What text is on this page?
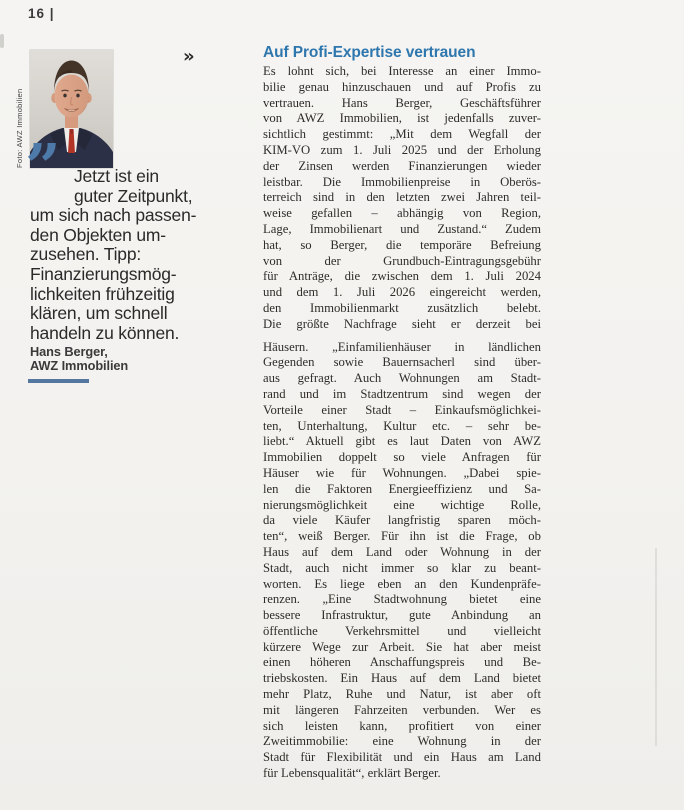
16 |
Foto: AWZ Immobilien
»
” Jetzt ist ein
guter Zeitpunkt,
um sich nach passen-
den Objekten um-
zusehen. Tipp:
Finanzierungsmög-
lichkeiten frühzeitig
klären, um schnell
handeln zu können.
Hans Berger,
AWZ Immobilien
Auf Profi-Expertise vertrauen
Es lohnt sich, bei Interesse an einer Immo-
bilie genau hinzuschauen und auf Profis zu
vertrauen. Hans Berger, Geschäftsführer
von AWZ Immobilien, ist jedenfalls zuver-
sichtlich gestimmt: „Mit dem Wegfall der
KIM-VO zum 1. Juli 2025 und der Erholung
der Zinsen werden Finanzierungen wieder
leistbar. Die Immobilienpreise in Oberös-
terreich sind in den letzten zwei Jahren teil-
weise gefallen – abhängig von Region,
Lage, Immobilienart und Zustand.“ Zudem
hat, so Berger, die temporäre Befreiung
von der Grundbuch-Eintragungsgebühr
für Anträge, die zwischen dem 1. Juli 2024
und dem 1. Juli 2026 eingereicht werden,
den Immobilienmarkt zusätzlich belebt.
Die größte Nachfrage sieht er derzeit bei
Häusern. „Einfamilienhäuser in ländlichen
Gegenden sowie Bauernsacherl sind über-
aus gefragt. Auch Wohnungen am Stadt-
rand und im Stadtzentrum sind wegen der
Vorteile einer Stadt – Einkaufsmöglichkei-
ten, Unterhaltung, Kultur etc. – sehr be-
liebt.“ Aktuell gibt es laut Daten von AWZ
Immobilien doppelt so viele Anfragen für
Häuser wie für Wohnungen. „Dabei spie-
len die Faktoren Energieeffizienz und Sa-
nierungsmöglichkeit eine wichtige Rolle,
da viele Käufer langfristig sparen möch-
ten“, weiß Berger. Für ihn ist die Frage, ob
Haus auf dem Land oder Wohnung in der
Stadt, auch nicht immer so klar zu beant-
worten. Es liege eben an den Kundenpräfe-
renzen. „Eine Stadtwohnung bietet eine
bessere Infrastruktur, gute Anbindung an
öffentliche Verkehrsmittel und vielleicht
kürzere Wege zur Arbeit. Sie hat aber meist
einen höheren Anschaffungspreis und Be-
triebskosten. Ein Haus auf dem Land bietet
mehr Platz, Ruhe und Natur, ist aber oft
mit längeren Fahrzeiten verbunden. Wer es
sich leisten kann, profitiert von einer
Zweitimmobilie: eine Wohnung in der
Stadt für Flexibilität und ein Haus am Land
für Lebensqualität“, erklärt Berger.
